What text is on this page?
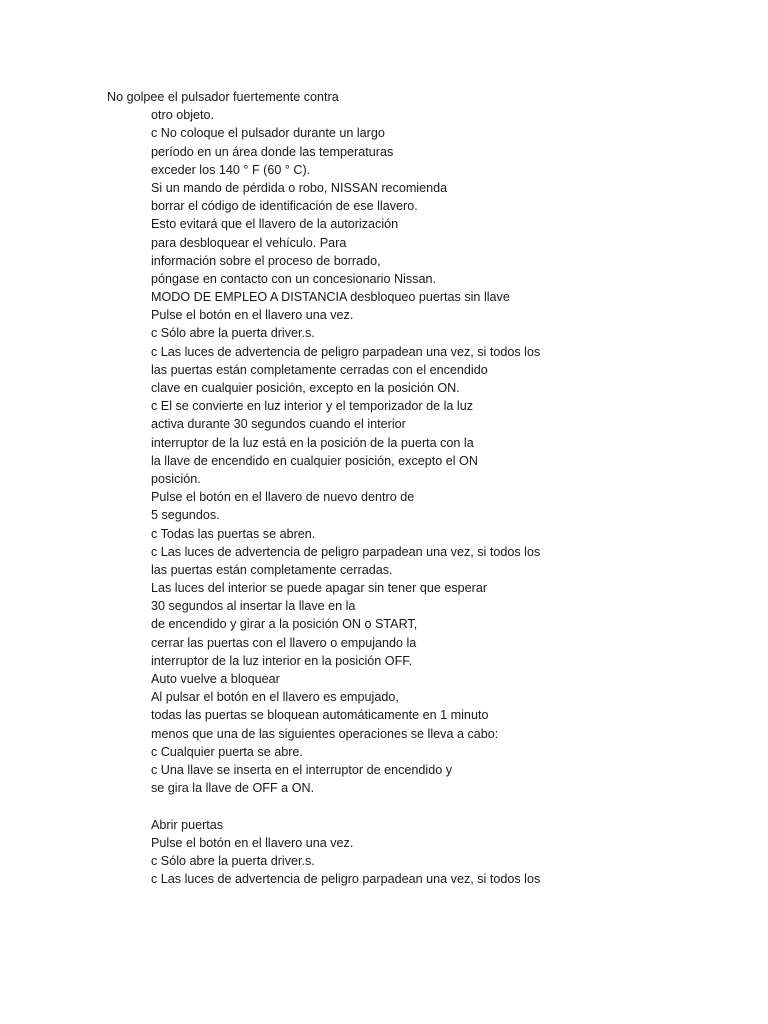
No golpee el pulsador fuertemente contra
otro objeto.
c No coloque el pulsador durante un largo
período en un área donde las temperaturas
exceder los 140 ° F (60 ° C).
Si un mando de pérdida o robo, NISSAN recomienda
borrar el código de identificación de ese llavero.
Esto evitará que el llavero de la autorización
para desbloquear el vehículo. Para
información sobre el proceso de borrado,
póngase en contacto con un concesionario Nissan.
MODO DE EMPLEO A DISTANCIA desbloqueo puertas sin llave
Pulse el botón en el llavero una vez.
c Sólo abre la puerta driver.s.
c Las luces de advertencia de peligro parpadean una vez, si todos los
las puertas están completamente cerradas con el encendido
clave en cualquier posición, excepto en la posición ON.
c El se convierte en luz interior y el temporizador de la luz
activa durante 30 segundos cuando el interior
interruptor de la luz está en la posición de la puerta con la
la llave de encendido en cualquier posición, excepto el ON
posición.
Pulse el botón en el llavero de nuevo dentro de
5 segundos.
c Todas las puertas se abren.
c Las luces de advertencia de peligro parpadean una vez, si todos los
las puertas están completamente cerradas.
Las luces del interior se puede apagar sin tener que esperar
30 segundos al insertar la llave en la
de encendido y girar a la posición ON o START,
cerrar las puertas con el llavero o empujando la
interruptor de la luz interior en la posición OFF.
Auto vuelve a bloquear
Al pulsar el botón en el llavero es empujado,
todas las puertas se bloquean automáticamente en 1 minuto
menos que una de las siguientes operaciones se lleva a cabo:
c Cualquier puerta se abre.
c Una llave se inserta en el interruptor de encendido y
se gira la llave de OFF a ON.
Abrir puertas
Pulse el botón en el llavero una vez.
c Sólo abre la puerta driver.s.
c Las luces de advertencia de peligro parpadean una vez, si todos los
